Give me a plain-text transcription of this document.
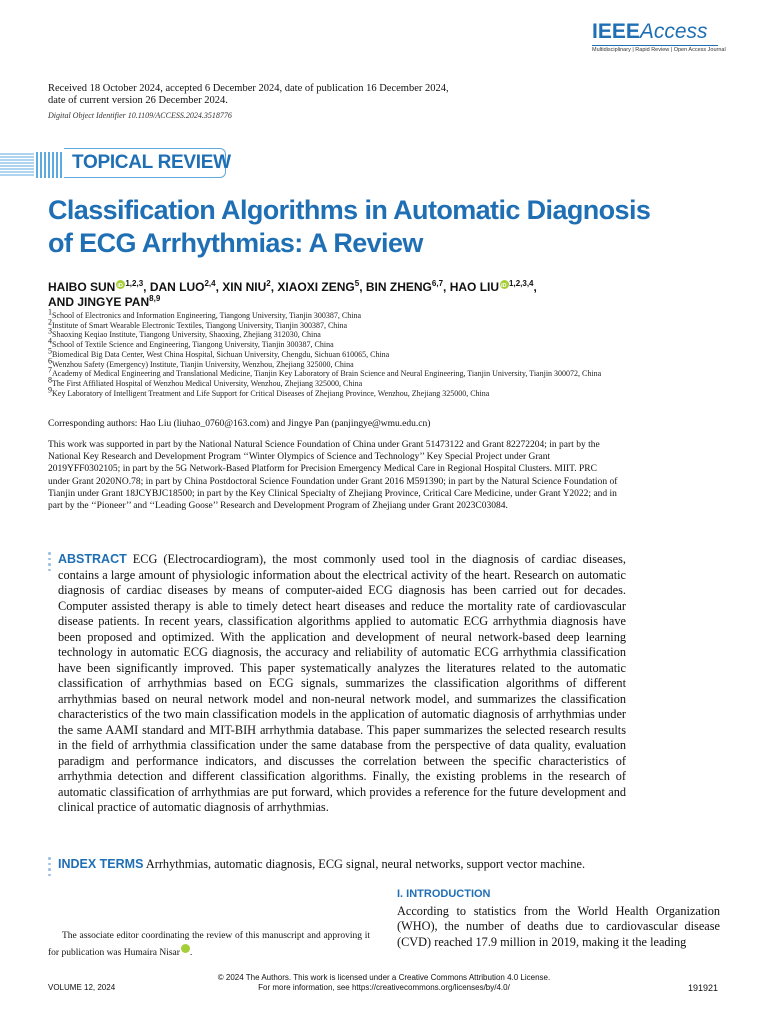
IEEEAccess
Multidisciplinary | Rapid Review | Open Access Journal
Received 18 October 2024, accepted 6 December 2024, date of publication 16 December 2024,
date of current version 26 December 2024.
Digital Object Identifier 10.1109/ACCESS.2024.3518776
TOPICAL REVIEW
Classification Algorithms in Automatic Diagnosis
of ECG Arrhythmias: A Review
HAIBO SUN iD $^{1,2,3}$, DAN LUO$^{2,4}$, XIN NIU$^2$, XIAOXI ZENG$^5$, BIN ZHENG$^{6,7}$, HAO LIU iD $^{1,2,3,4}$,
AND JINGYE PAN$^{8,9}$
$^1$School of Electronics and Information Engineering, Tiangong University, Tianjin 300387, China
$^2$Institute of Smart Wearable Electronic Textiles, Tiangong University, Tianjin 300387, China
$^3$Shaoxing Keqiao Institute, Tiangong University, Shaoxing, Zhejiang 312030, China
$^4$School of Textile Science and Engineering, Tiangong University, Tianjin 300387, China
$^5$Biomedical Big Data Center, West China Hospital, Sichuan University, Chengdu, Sichuan 610065, China
$^6$Wenzhou Safety (Emergency) Institute, Tianjin University, Wenzhou, Zhejiang 325000, China
$^7$Academy of Medical Engineering and Translational Medicine, Tianjin Key Laboratory of Brain Science and Neural Engineering, Tianjin University, Tianjin 300072, China
$^8$The First Affiliated Hospital of Wenzhou Medical University, Wenzhou, Zhejiang 325000, China
$^9$Key Laboratory of Intelligent Treatment and Life Support for Critical Diseases of Zhejiang Province, Wenzhou, Zhejiang 325000, China
Corresponding authors: Hao Liu (liuhao_0760@163.com) and Jingye Pan (panjingye@wmu.edu.cn)
This work was supported in part by the National Natural Science Foundation of China under Grant 51473122 and Grant 82272204; in part by the National Key Research and Development Program ‘‘Winter Olympics of Science and Technology’’ Key Special Project under Grant 2019YFF0302105; in part by the 5G Network-Based Platform for Precision Emergency Medical Care in Regional Hospital Clusters. MIIT. PRC under Grant 2020NO.78; in part by China Postdoctoral Science Foundation under Grant 2016 M591390; in part by the Natural Science Foundation of Tianjin under Grant 18JCYBJC18500; in part by the Key Clinical Specialty of Zhejiang Province, Critical Care Medicine, under Grant Y2022; and in part by the ‘‘Pioneer’’ and ‘‘Leading Goose’’ Research and Development Program of Zhejiang under Grant 2023C03084.
ABSTRACT ECG (Electrocardiogram), the most commonly used tool in the diagnosis of cardiac diseases, contains a large amount of physiologic information about the electrical activity of the heart. Research on automatic diagnosis of cardiac diseases by means of computer-aided ECG diagnosis has been carried out for decades. Computer assisted therapy is able to timely detect heart diseases and reduce the mortality rate of cardiovascular disease patients. In recent years, classification algorithms applied to automatic ECG arrhythmia diagnosis have been proposed and optimized. With the application and development of neural network-based deep learning technology in automatic ECG diagnosis, the accuracy and reliability of automatic ECG arrhythmia classification have been significantly improved. This paper systematically analyzes the literatures related to the automatic classification of arrhythmias based on ECG signals, summarizes the classification algorithms of different arrhythmias based on neural network model and non-neural network model, and summarizes the classification characteristics of the two main classification models in the application of automatic diagnosis of arrhythmias under the same AAMI standard and MIT-BIH arrhythmia database. This paper summarizes the selected research results in the field of arrhythmia classification under the same database from the perspective of data quality, evaluation paradigm and performance indicators, and discusses the correlation between the specific characteristics of arrhythmia detection and different classification algorithms. Finally, the existing problems in the research of automatic classification of arrhythmias are put forward, which provides a reference for the future development and clinical practice of automatic diagnosis of arrhythmias.
INDEX TERMS Arrhythmias, automatic diagnosis, ECG signal, neural networks, support vector machine.
I. INTRODUCTION
According to statistics from the World Health Organization (WHO), the number of deaths due to cardiovascular disease (CVD) reached 17.9 million in 2019, making it the leading
The associate editor coordinating the review of this manuscript and approving it for publication was Humaira NisariD
© 2024 The Authors. This work is licensed under a Creative Commons Attribution 4.0 License.
For more information, see https://creativecommons.org/licenses/by/4.0/
VOLUME 12, 2024	191921
